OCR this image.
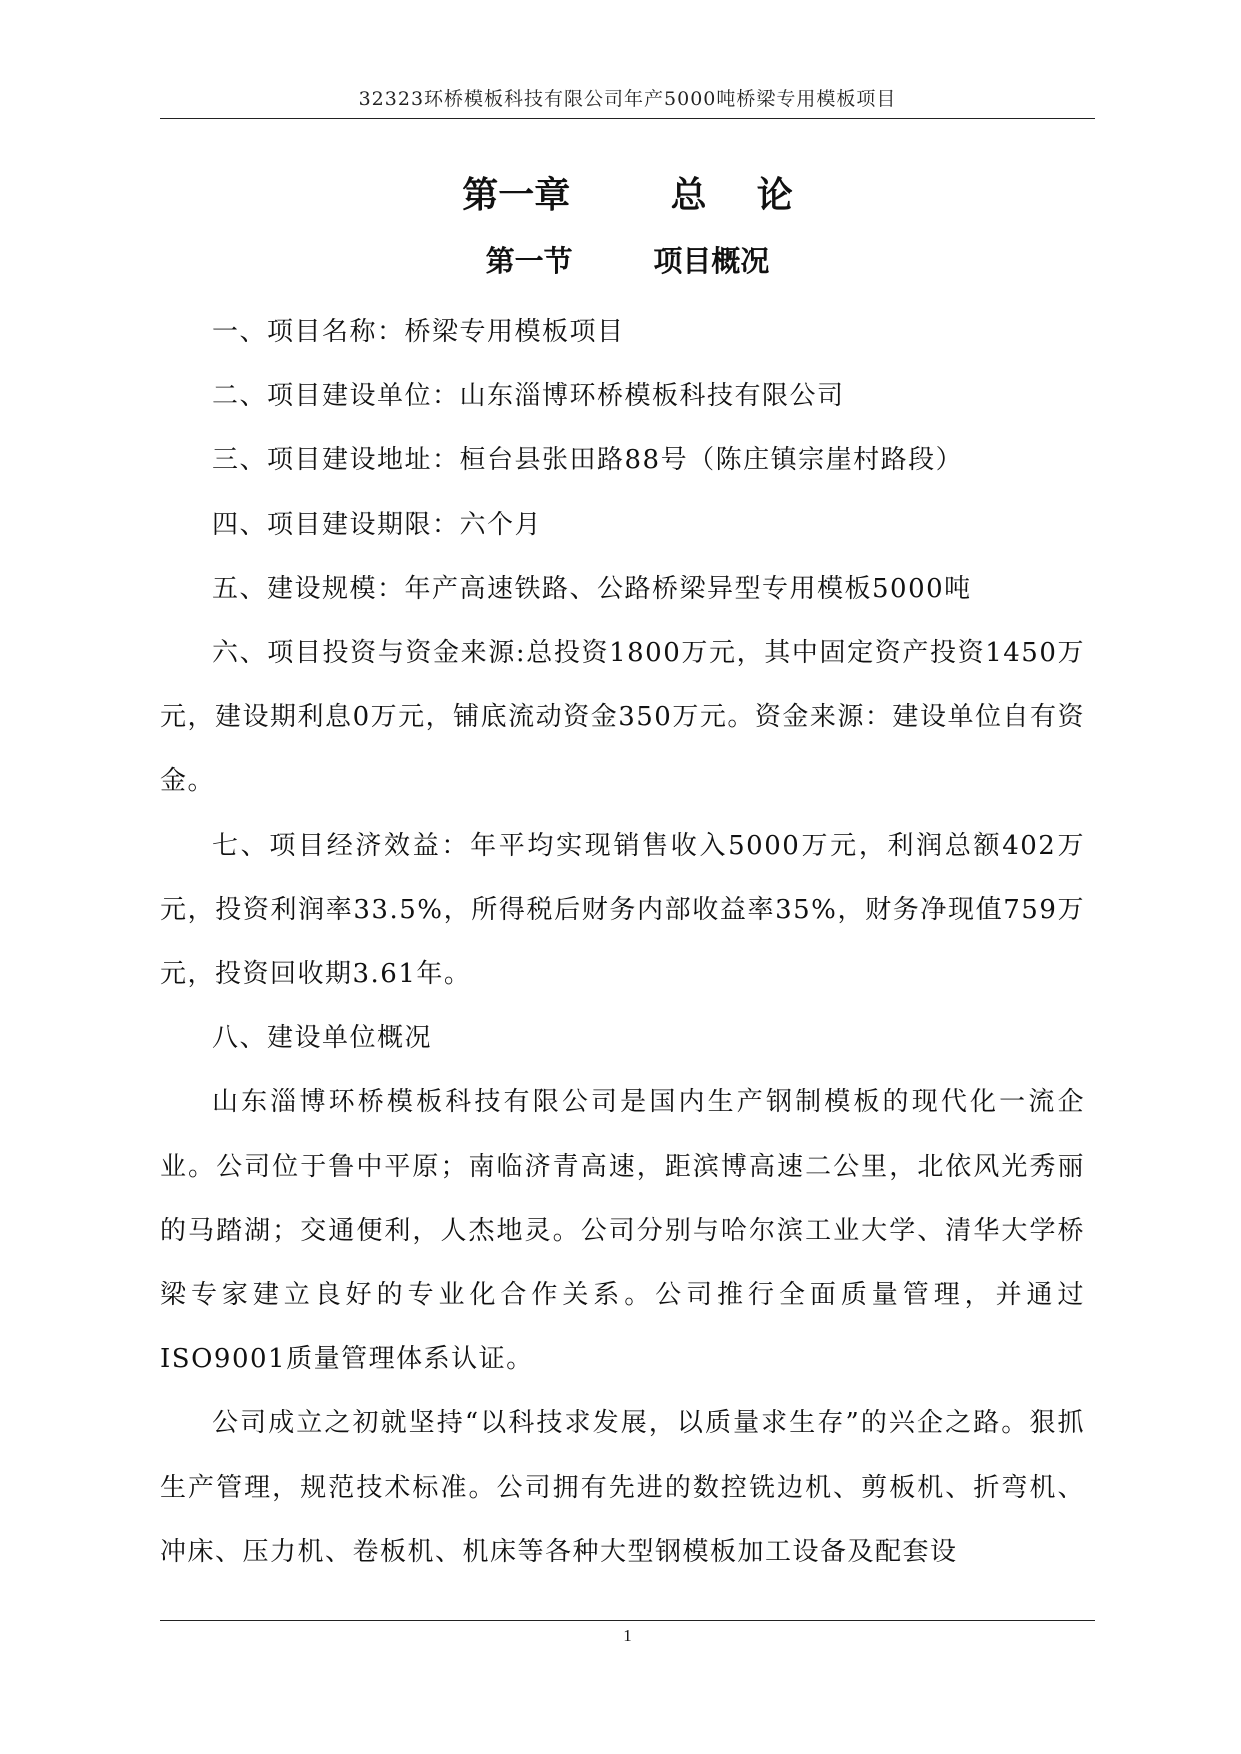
32323环桥模板科技有限公司年产5000吨桥梁专用模板项目
第一章        总    论
第一节        项目概况

一、项目名称：桥梁专用模板项目

二、项目建设单位：山东淄博环桥模板科技有限公司

三、项目建设地址：桓台县张田路88号（陈庄镇宗崖村路段）

四、项目建设期限：六个月

五、建设规模：年产高速铁路、公路桥梁异型专用模板5000吨

六、项目投资与资金来源:总投资1800万元，其中固定资产投资1450万元，建设期利息0万元，铺底流动资金350万元。资金来源：建设单位自有资金。

七、项目经济效益：年平均实现销售收入5000万元，利润总额402万元，投资利润率33.5%，所得税后财务内部收益率35%，财务净现值759万元，投资回收期3.61年。

八、建设单位概况

山东淄博环桥模板科技有限公司是国内生产钢制模板的现代化一流企业。公司位于鲁中平原；南临济青高速，距滨博高速二公里，北依风光秀丽的马踏湖；交通便利，人杰地灵。公司分别与哈尔滨工业大学、清华大学桥梁专家建立良好的专业化合作关系。公司推行全面质量管理，并通过ISO9001质量管理体系认证。

公司成立之初就坚持“以科技求发展，以质量求生存”的兴企之路。狠抓生产管理，规范技术标准。公司拥有先进的数控铣边机、剪板机、折弯机、冲床、压力机、卷板机、机床等各种大型钢模板加工设备及配套设

1
